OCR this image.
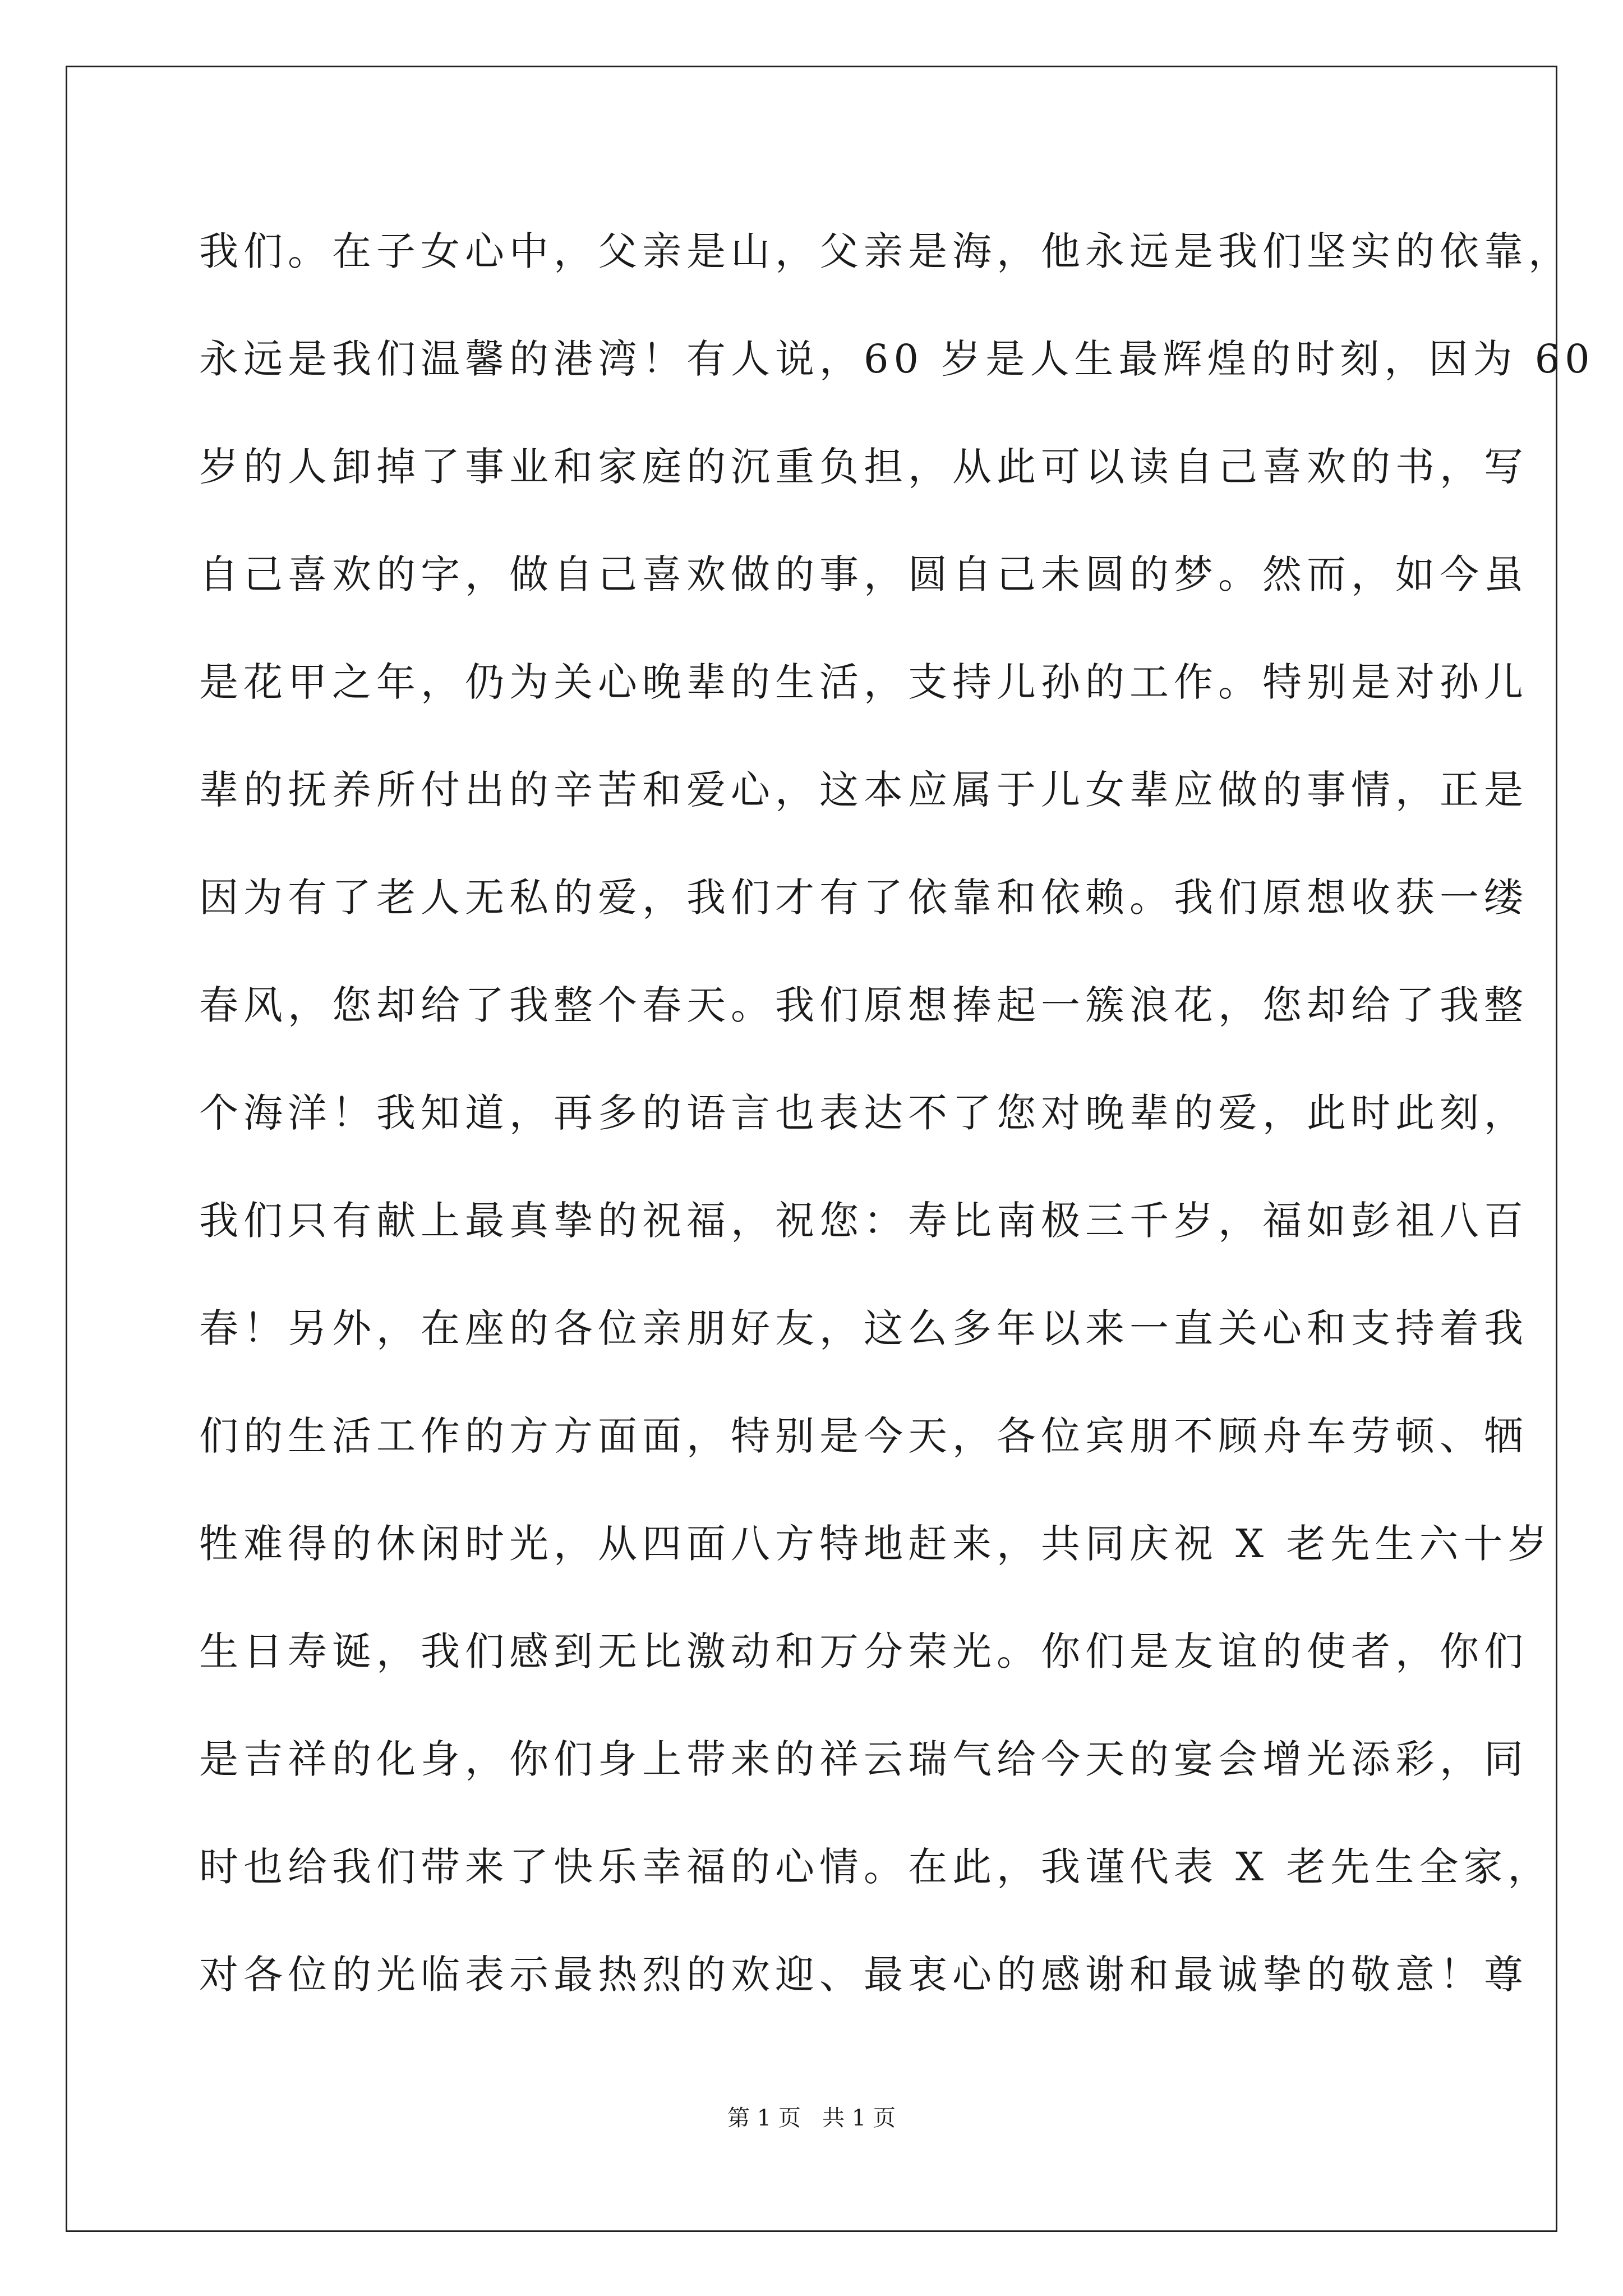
我们。在子女心中，父亲是山，父亲是海，他永远是我们坚实的依靠，
永远是我们温馨的港湾！有人说，60 岁是人生最辉煌的时刻，因为 60
岁的人卸掉了事业和家庭的沉重负担，从此可以读自己喜欢的书，写
自己喜欢的字，做自己喜欢做的事，圆自己未圆的梦。然而，如今虽
是花甲之年，仍为关心晚辈的生活，支持儿孙的工作。特别是对孙儿
辈的抚养所付出的辛苦和爱心，这本应属于儿女辈应做的事情，正是
因为有了老人无私的爱，我们才有了依靠和依赖。我们原想收获一缕
春风，您却给了我整个春天。我们原想捧起一簇浪花，您却给了我整
个海洋！我知道，再多的语言也表达不了您对晚辈的爱，此时此刻，
我们只有献上最真挚的祝福，祝您：寿比南极三千岁，福如彭祖八百
春！另外，在座的各位亲朋好友，这么多年以来一直关心和支持着我
们的生活工作的方方面面，特别是今天，各位宾朋不顾舟车劳顿、牺
牲难得的休闲时光，从四面八方特地赶来，共同庆祝 X 老先生六十岁
生日寿诞，我们感到无比激动和万分荣光。你们是友谊的使者，你们
是吉祥的化身，你们身上带来的祥云瑞气给今天的宴会增光添彩，同
时也给我们带来了快乐幸福的心情。在此，我谨代表 X 老先生全家，
对各位的光临表示最热烈的欢迎、最衷心的感谢和最诚挚的敬意！尊
第 1 页   共 1 页
